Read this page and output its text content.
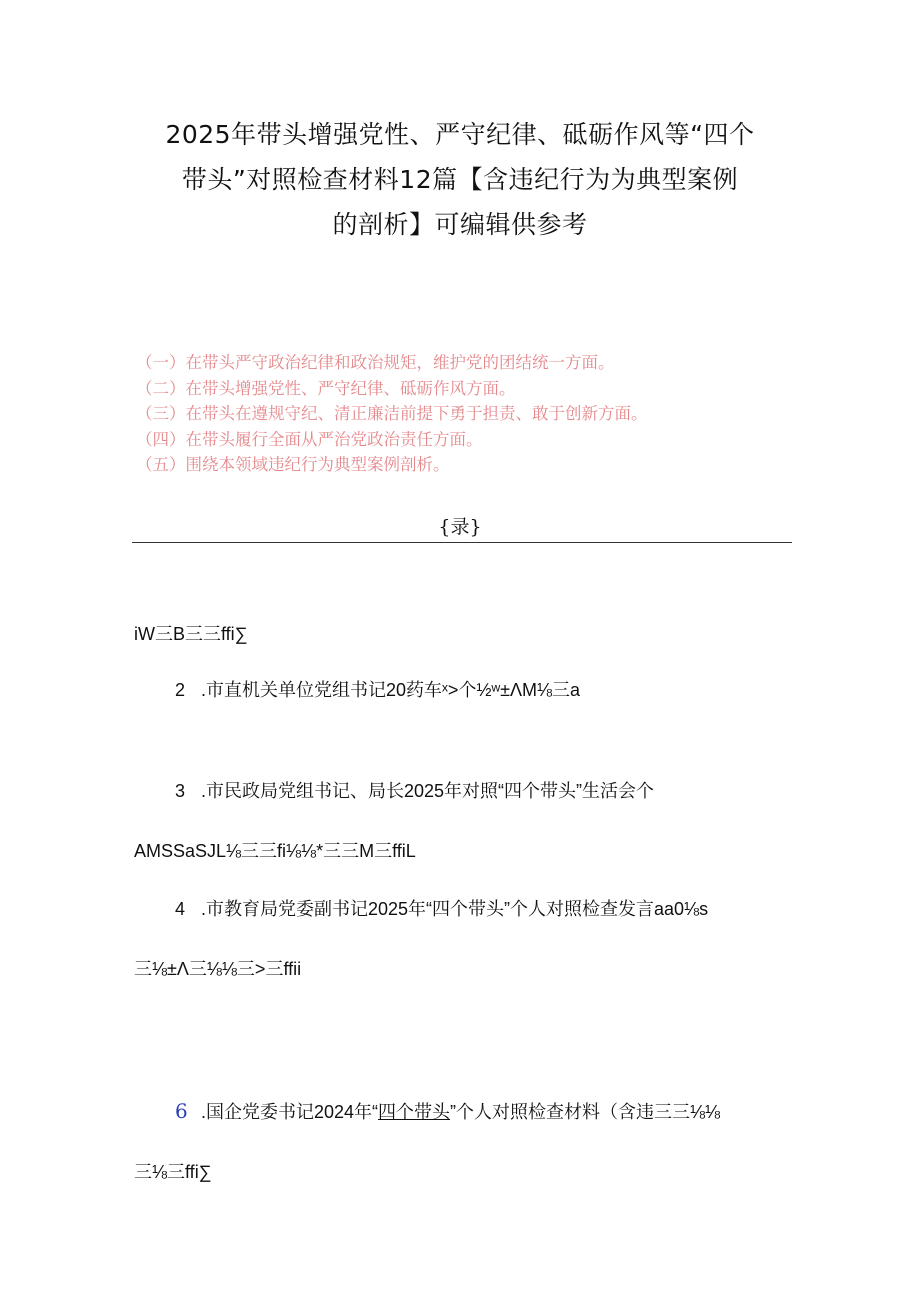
2025年带头增强党性、严守纪律、砥砺作风等“四个
带头”对照检查材料12篇【含违纪行为为典型案例
的剖析】可编辑供参考
（一）在带头严守政治纪律和政治规矩，维护党的团结统一方面。
（二）在带头增强党性、严守纪律、砥砺作风方面。
（三）在带头在遵规守纪、清正廉洁前提下勇于担责、敢于创新方面。
（四）在带头履行全面从严治党政治责任方面。
（五）围绕本领域违纪行为典型案例剖析。
{录}
iW三B三三ffi∑
2 .市直机关单位党组书记20药车ˣ>个½ʷ±ΛM⅛三a
3 .市民政局党组书记、局长2025年对照“四个带头”生活会个
AMSSaSJL⅛三三fi⅛⅛*三三M三ffiL
4 .市教育局党委副书记2025年“四个带头”个人对照检查发言aa0⅛s
三⅛±Λ三⅛⅛三>三ffii
6 .国企党委书记2024年“四个带头”个人对照检查材料（含违三三⅛⅛
三⅛三ffi∑
